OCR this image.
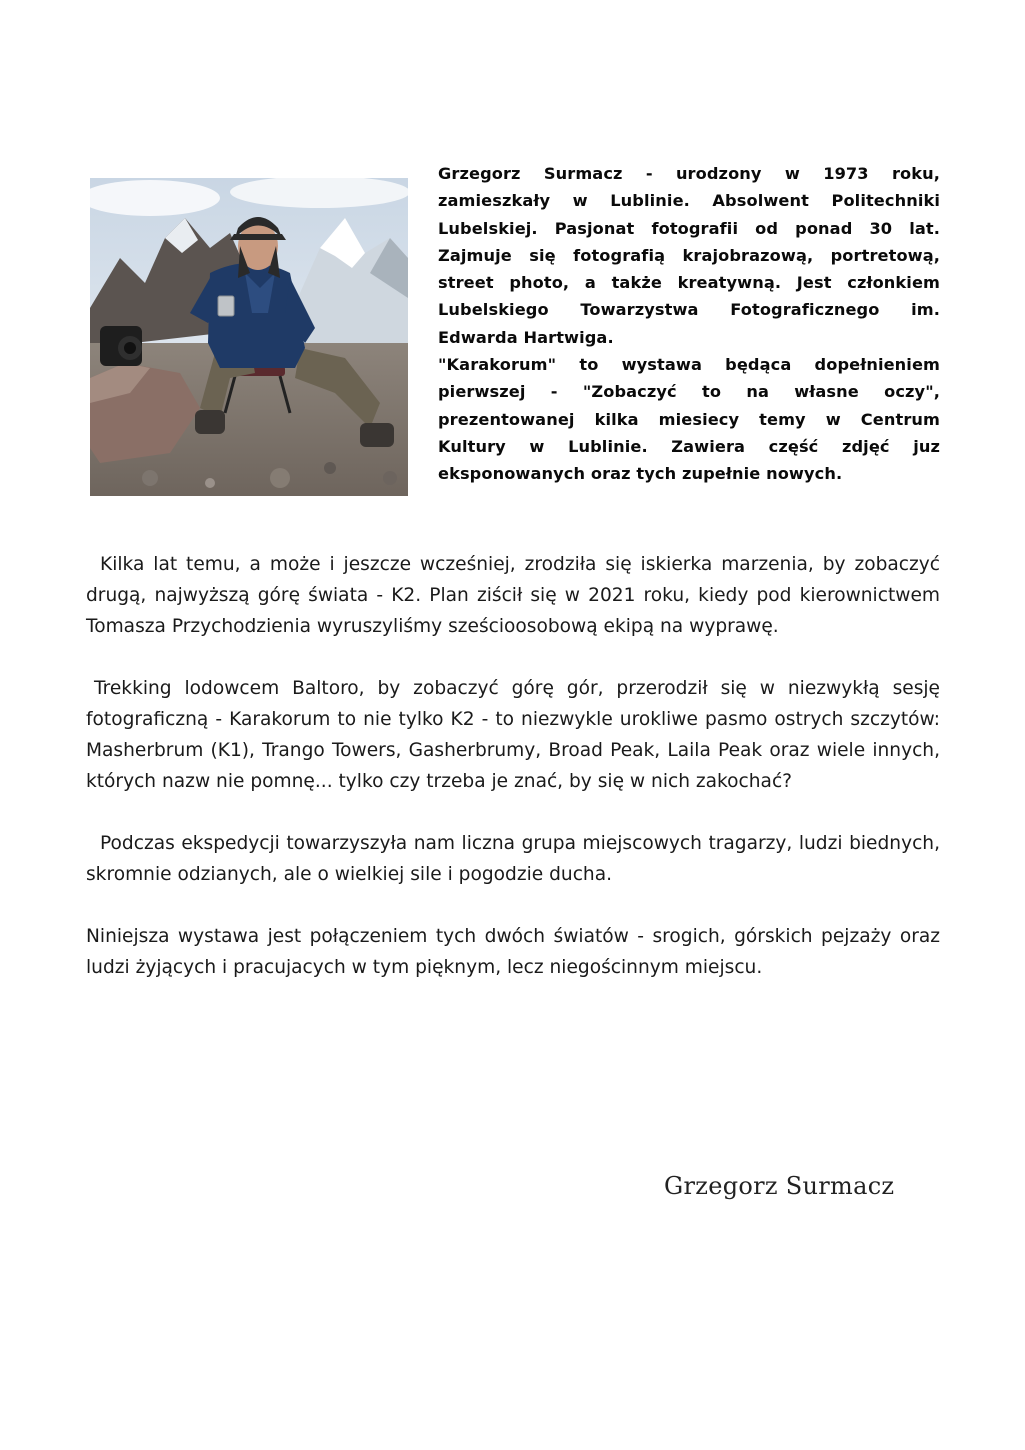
Grzegorz Surmacz - urodzony w 1973 roku, zamieszkały w Lublinie. Absolwent Politechniki Lubelskiej. Pasjonat fotografii od ponad 30 lat. Zajmuje się fotografią krajobrazową, portretową, street photo, a także kreatywną. Jest członkiem Lubelskiego Towarzystwa Fotograficznego im. Edwarda Hartwiga.

"Karakorum" to wystawa będąca dopełnieniem pierwszej - "Zobaczyć to na własne oczy", prezentowanej kilka miesiecy temy w Centrum Kultury w Lublinie. Zawiera część zdjęć juz eksponowanych oraz tych zupełnie nowych.

Kilka lat temu, a może i jeszcze wcześniej, zrodziła się iskierka marzenia, by zobaczyć drugą, najwyższą górę świata - K2. Plan ziścił się w 2021 roku, kiedy pod kierownictwem Tomasza Przychodzienia wyruszyliśmy sześcioosobową ekipą na wyprawę.

Trekking lodowcem Baltoro, by zobaczyć górę gór, przerodził się w niezwykłą sesję fotograficzną - Karakorum to nie tylko K2 - to niezwykle urokliwe pasmo ostrych szczytów: Masherbrum (K1), Trango Towers, Gasherbrumy, Broad Peak, Laila Peak oraz wiele innych, których nazw nie pomnę... tylko czy trzeba je znać, by się w nich zakochać?

Podczas ekspedycji towarzyszyła nam liczna grupa miejscowych tragarzy, ludzi biednych, skromnie odzianych, ale o wielkiej sile i pogodzie ducha.

Niniejsza wystawa jest połączeniem tych dwóch światów - srogich, górskich pejzaży oraz ludzi żyjących i pracujacych w tym pięknym, lecz niegościnnym miejscu.

Grzegorz Surmacz
